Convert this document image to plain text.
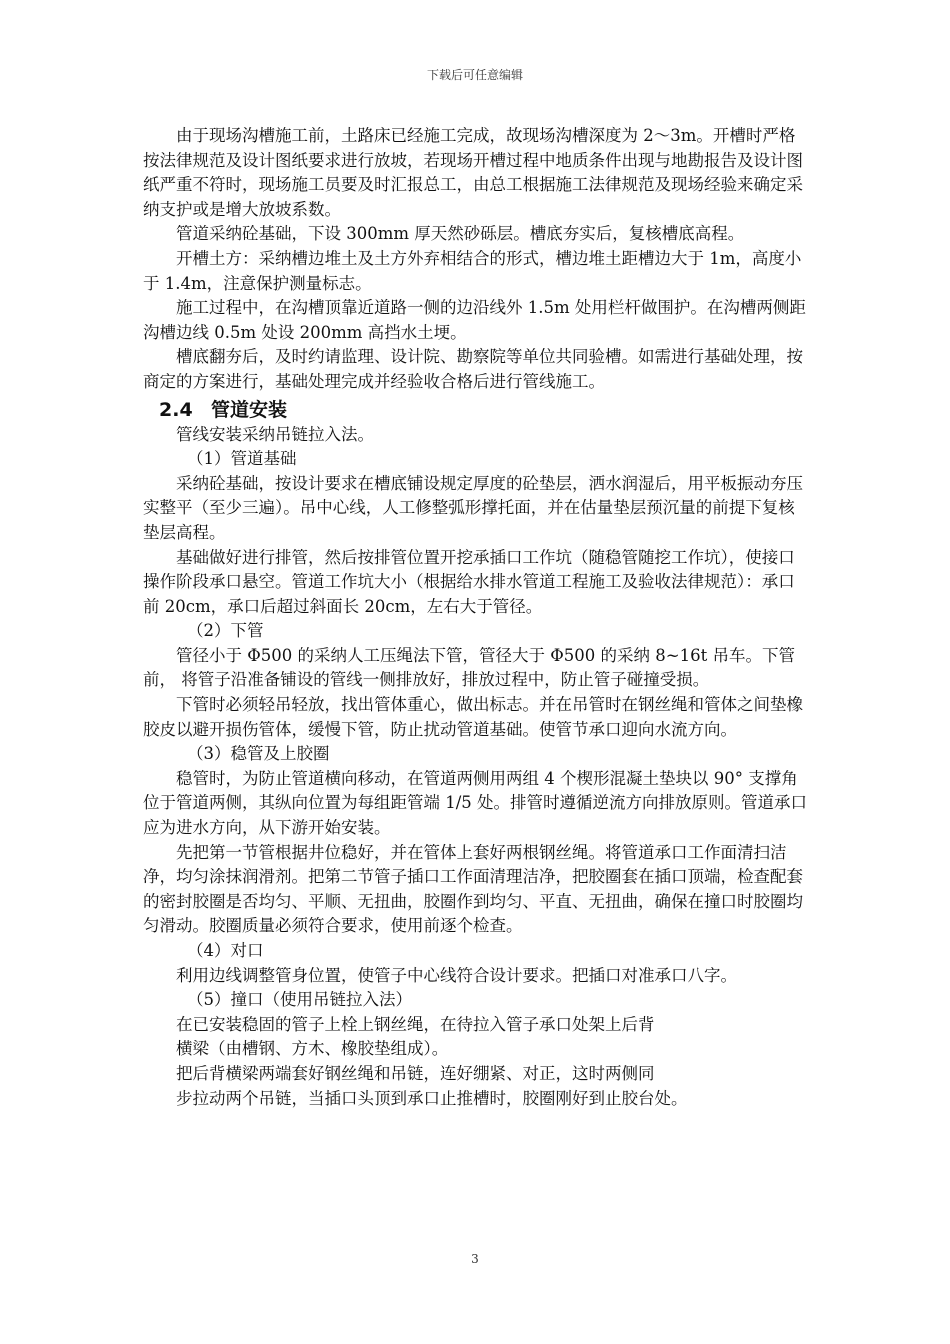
下载后可任意编辑

由于现场沟槽施工前，土路床已经施工完成，故现场沟槽深度为 2～3m。开槽时严格按法律规范及设计图纸要求进行放坡，若现场开槽过程中地质条件出现与地勘报告及设计图纸严重不符时，现场施工员要及时汇报总工，由总工根据施工法律规范及现场经验来确定采纳支护或是增大放坡系数。

管道采纳砼基础，下设 300mm 厚天然砂砾层。槽底夯实后，复核槽底高程。

开槽土方：采纳槽边堆土及土方外弃相结合的形式，槽边堆土距槽边大于 1m，高度小于 1.4m，注意保护测量标志。

施工过程中，在沟槽顶靠近道路一侧的边沿线外 1.5m 处用栏杆做围护。在沟槽两侧距沟槽边线 0.5m 处设 200mm 高挡水土埂。

槽底翻夯后，及时约请监理、设计院、勘察院等单位共同验槽。如需进行基础处理，按商定的方案进行，基础处理完成并经验收合格后进行管线施工。

2.4 管道安装

管线安装采纳吊链拉入法。

（1）管道基础

采纳砼基础，按设计要求在槽底铺设规定厚度的砼垫层，洒水润湿后，用平板振动夯压实整平（至少三遍）。吊中心线，人工修整弧形撑托面，并在估量垫层预沉量的前提下复核垫层高程。

基础做好进行排管，然后按排管位置开挖承插口工作坑（随稳管随挖工作坑），使接口操作阶段承口悬空。管道工作坑大小（根据给水排水管道工程施工及验收法律规范）：承口前 20cm，承口后超过斜面长 20cm，左右大于管径。

（2）下管

管径小于 Φ500 的采纳人工压绳法下管，管径大于 Φ500 的采纳 8~16t 吊车。下管前， 将管子沿准备铺设的管线一侧排放好，排放过程中，防止管子碰撞受损。

下管时必须轻吊轻放，找出管体重心，做出标志。并在吊管时在钢丝绳和管体之间垫橡胶皮以避开损伤管体，缓慢下管，防止扰动管道基础。使管节承口迎向水流方向。

（3）稳管及上胶圈

稳管时，为防止管道横向移动，在管道两侧用两组 4 个楔形混凝土垫块以 90° 支撑角位于管道两侧，其纵向位置为每组距管端 1/5 处。排管时遵循逆流方向排放原则。管道承口应为进水方向，从下游开始安装。

先把第一节管根据井位稳好，并在管体上套好两根钢丝绳。将管道承口工作面清扫洁净，均匀涂抹润滑剂。把第二节管子插口工作面清理洁净，把胶圈套在插口顶端，检查配套的密封胶圈是否均匀、平顺、无扭曲，胶圈作到均匀、平直、无扭曲，确保在撞口时胶圈均匀滑动。胶圈质量必须符合要求，使用前逐个检查。

（4）对口

利用边线调整管身位置，使管子中心线符合设计要求。把插口对准承口八字。

（5）撞口（使用吊链拉入法）

在已安装稳固的管子上栓上钢丝绳，在待拉入管子承口处架上后背

横梁（由槽钢、方木、橡胶垫组成）。

把后背横梁两端套好钢丝绳和吊链，连好绷紧、对正，这时两侧同

步拉动两个吊链，当插口头顶到承口止推槽时，胶圈刚好到止胶台处。

3
